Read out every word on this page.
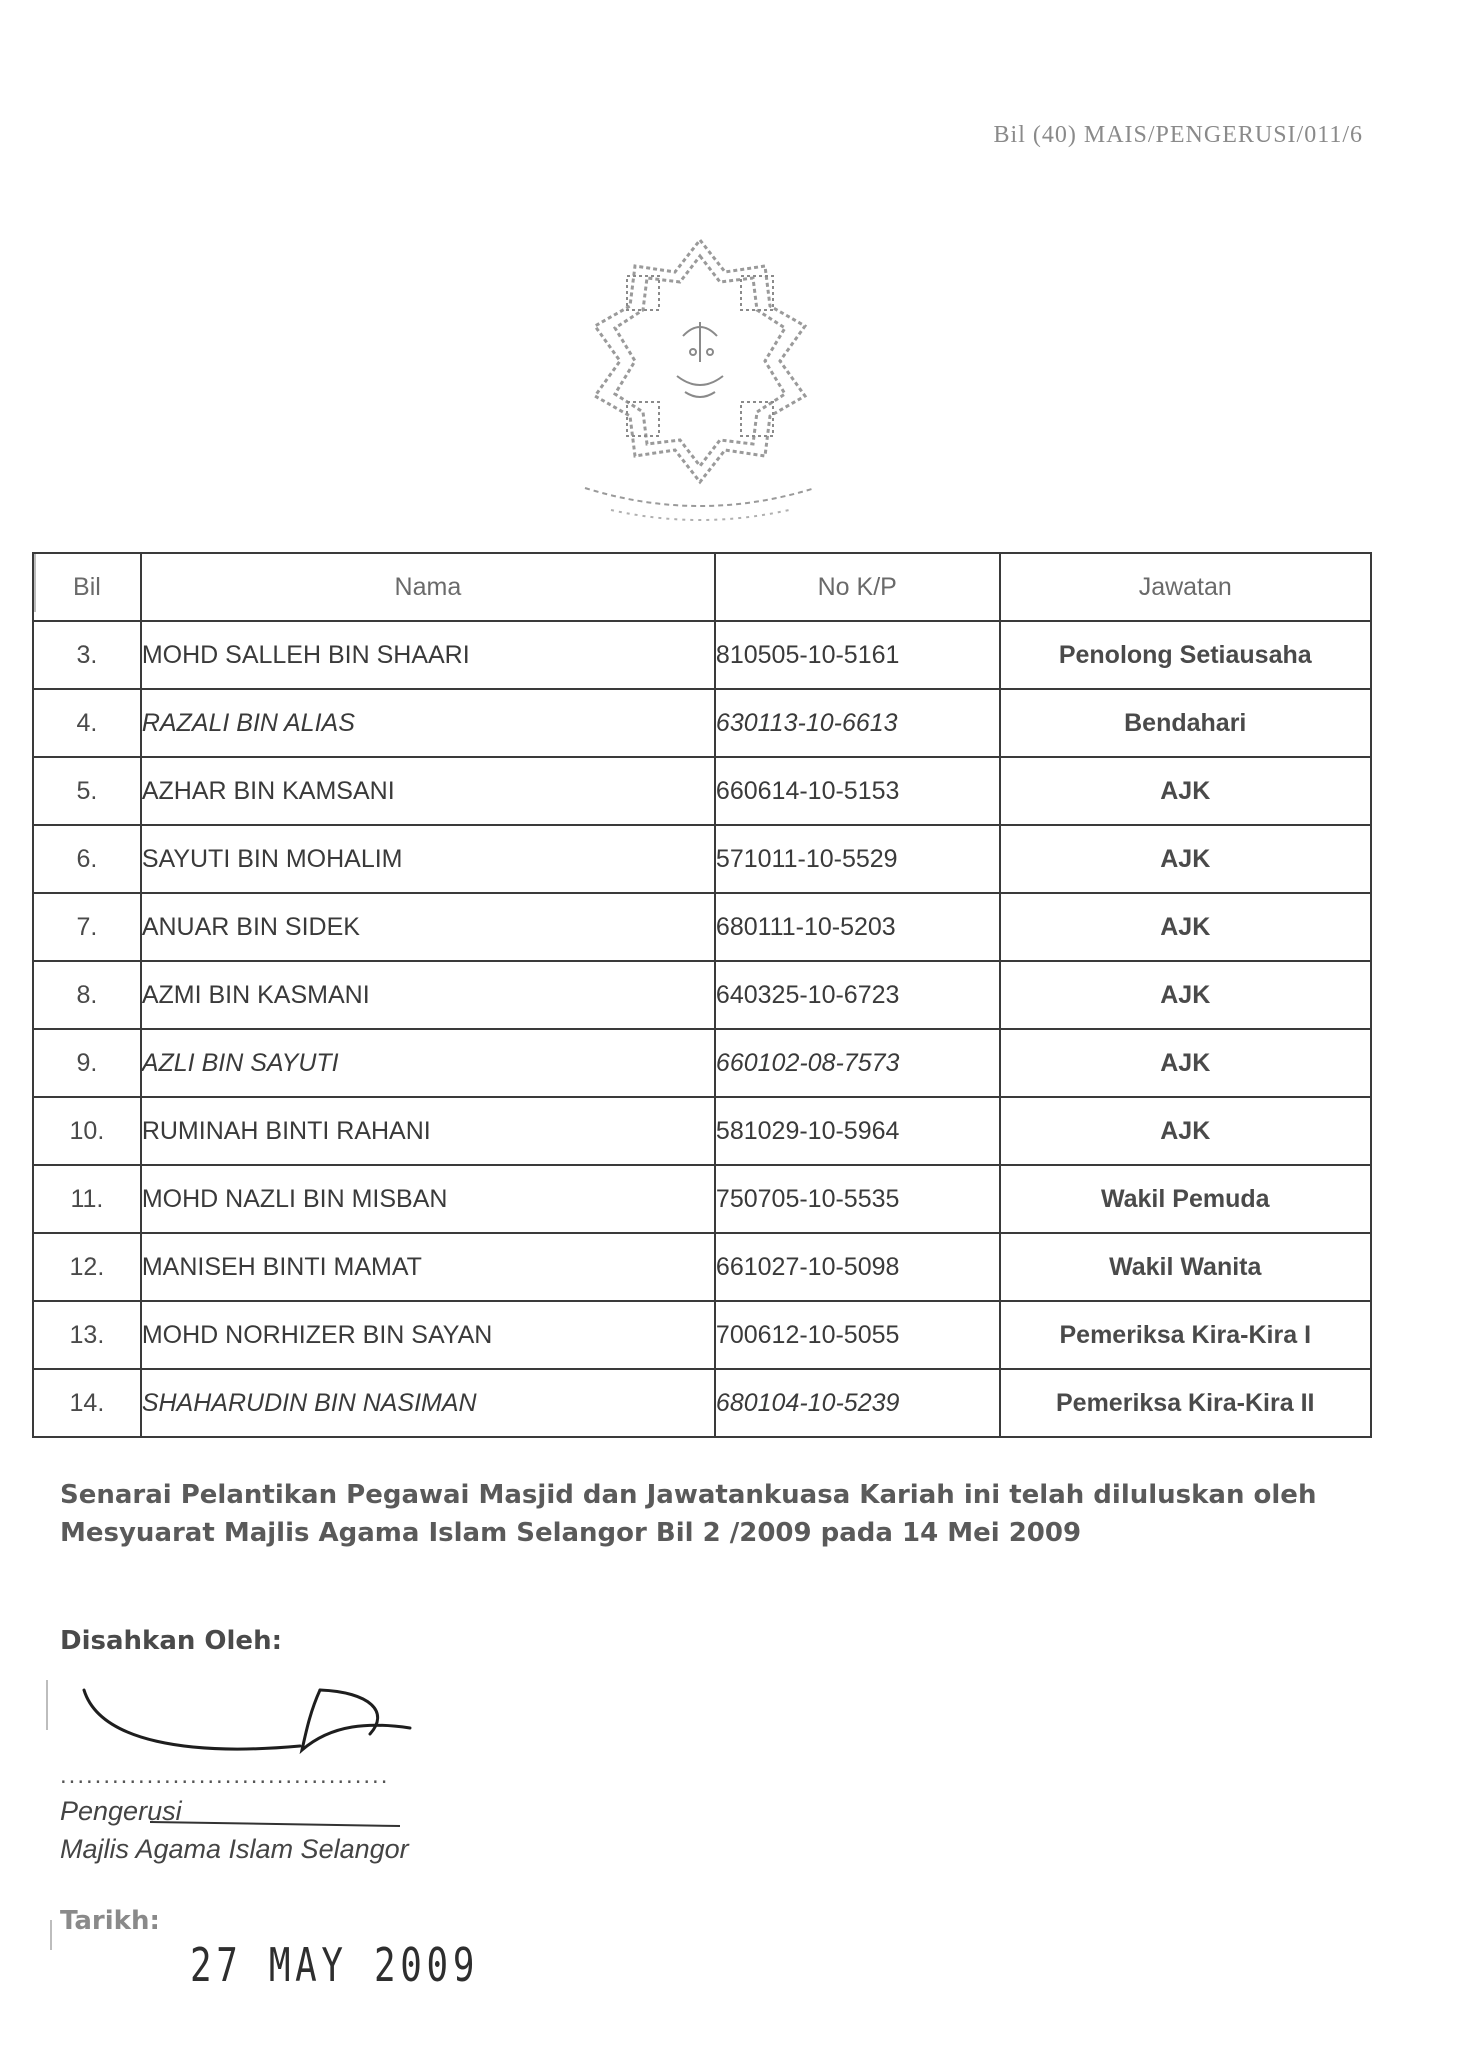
Bil (40) MAIS/PENGERUSI/011/6
Bil	Nama	No K/P	Jawatan
3.	MOHD SALLEH BIN SHAARI	810505-10-5161	Penolong Setiausaha
4.	RAZALI BIN ALIAS	630113-10-6613	Bendahari
5.	AZHAR BIN KAMSANI	660614-10-5153	AJK
6.	SAYUTI BIN MOHALIM	571011-10-5529	AJK
7.	ANUAR BIN SIDEK	680111-10-5203	AJK
8.	AZMI BIN KASMANI	640325-10-6723	AJK
9.	AZLI BIN SAYUTI	660102-08-7573	AJK
10.	RUMINAH BINTI RAHANI	581029-10-5964	AJK
11.	MOHD NAZLI BIN MISBAN	750705-10-5535	Wakil Pemuda
12.	MANISEH BINTI MAMAT	661027-10-5098	Wakil Wanita
13.	MOHD NORHIZER BIN SAYAN	700612-10-5055	Pemeriksa Kira-Kira I
14.	SHAHARUDIN BIN NASIMAN	680104-10-5239	Pemeriksa Kira-Kira II
Senarai Pelantikan Pegawai Masjid dan Jawatankuasa Kariah ini telah diluluskan oleh
Mesyuarat Majlis Agama Islam Selangor Bil 2 /2009 pada 14 Mei 2009
Disahkan Oleh:
......................................
Pengerusi
Majlis Agama Islam Selangor
Tarikh:
27 MAY 2009
